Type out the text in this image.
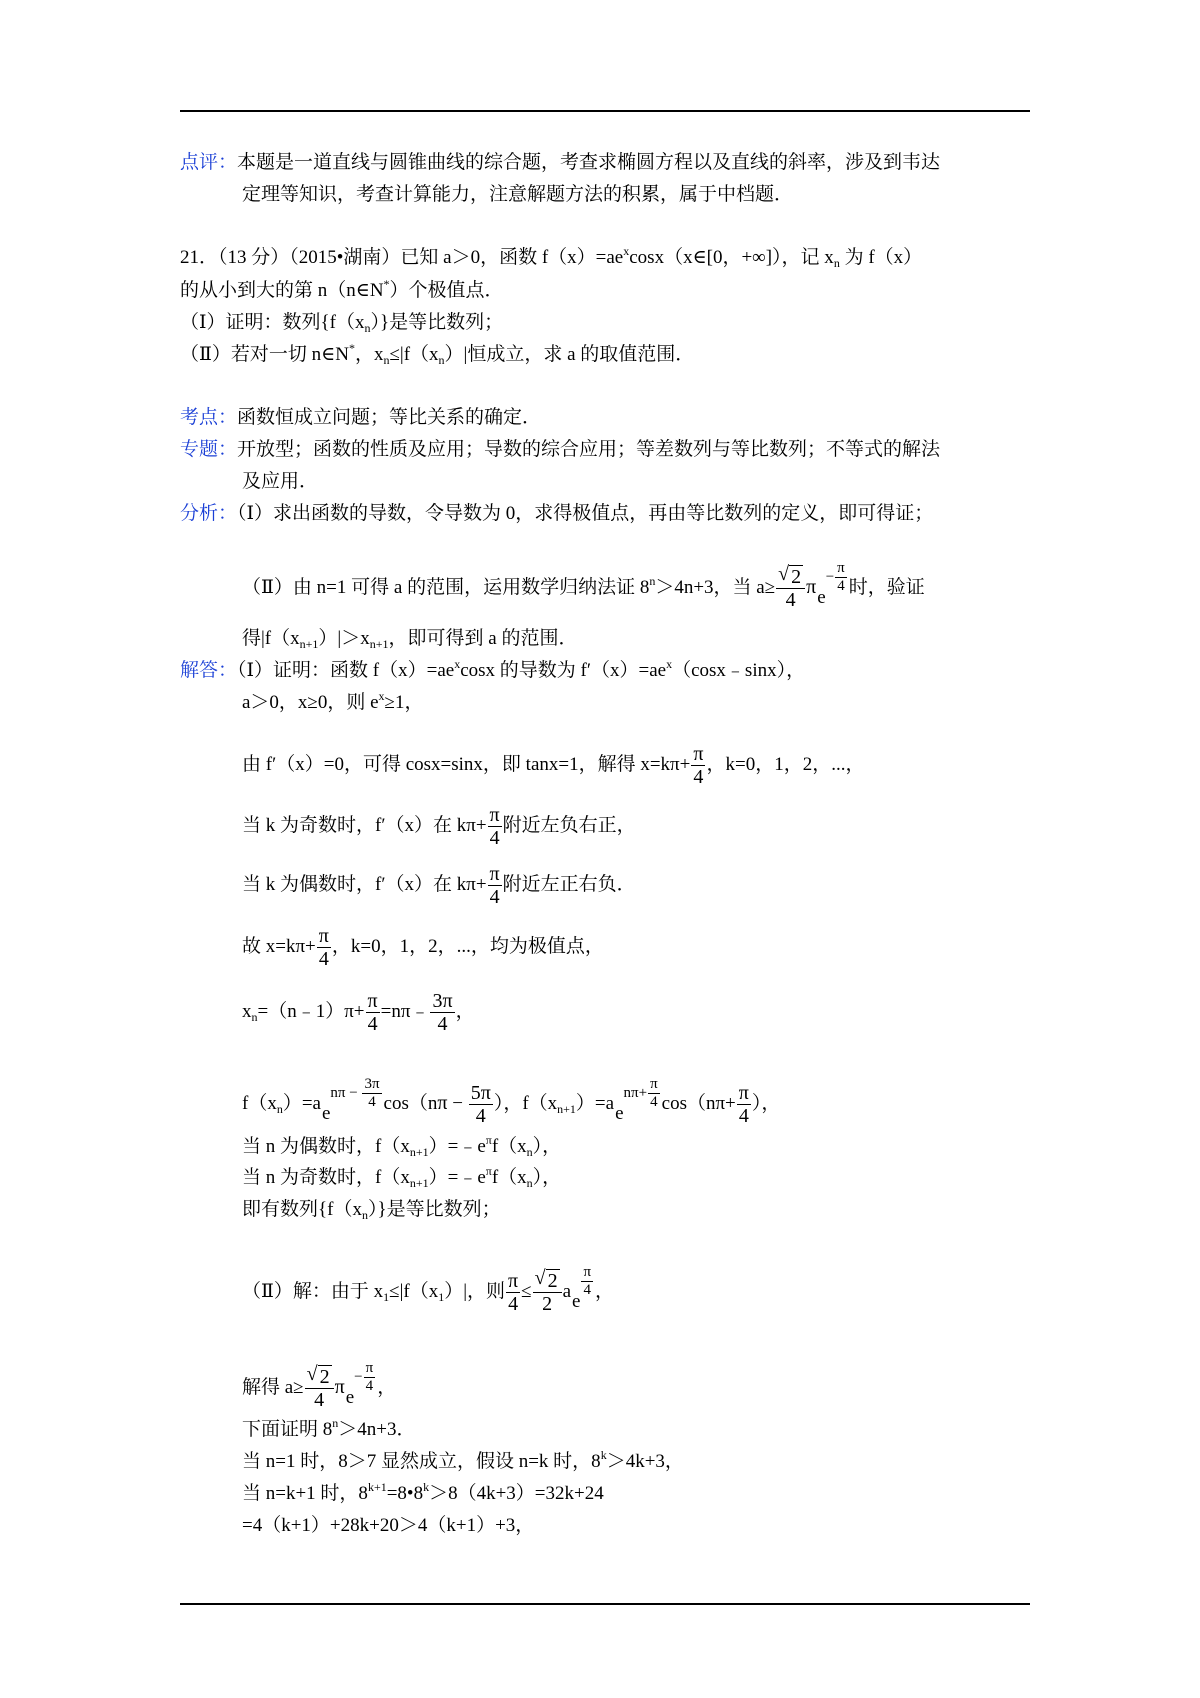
点评：本题是一道直线与圆锥曲线的综合题，考查求椭圆方程以及直线的斜率，涉及到韦达
定理等知识，考查计算能力，注意解题方法的积累，属于中档题．
21．（13 分）（2015•湖南）已知 a＞0，函数 $f(x)=ae^x\cos x(x\in[0$，+∞]），记 $x_n$ 为 f（x）
的从小到大的第 n（n∈N*）个极值点．
（Ⅰ）证明：数列$\{f(x_n)\}$是等比数列；
（Ⅱ）若对一切 n∈N*，$x_n\le|f(x_n)|$恒成立，求 a 的取值范围．
考点：函数恒成立问题；等比关系的确定．
专题：开放型；函数的性质及应用；导数的综合应用；等差数列与等比数列；不等式的解法
及应用．
分析：（Ⅰ）求出函数的导数，令导数为 0，求得极值点，再由等比数列的定义，即可得证；
（Ⅱ）由 n=1 可得 a 的范围，运用数学归纳法证 $8^n>4n+3$，当 $a\ge \frac{√ 2}{4} \pi e- \frac{\pi}{4}$ 时，验证
得$|f(x_{n+1})|>x_{n+1}$，即可得到 a 的范围．
解答：（Ⅰ）证明：函数 $f(x)=ae^x\cos x$ 的导数为 $f'(x)=ae^x(\cos x﹣\sin x)$，
a＞0，x≥0，则 $e^x\ge 1$，
由 f′（x）=0，可得 cosx=sinx，即 tanx=1，解得 $x=k\pi+ \frac{\pi}{4}$ ，k=0，1，2，...，
当 k 为奇数时，f′（x）在 $k\pi+ \frac{\pi}{4}$ 附近左负右正，
当 k 为偶数时，f′（x）在 $k\pi+ \frac{\pi}{4}$ 附近左正右负．
故 $x=k\pi+ \frac{\pi}{4}$ ，k=0，1，2，...，均为极值点，
$x_n=(n﹣1)\pi+ \frac{\pi}{4}$ =nπ﹣ $\frac{3\pi}{4}$ ，
$f(x_n)=aen\pi - \frac{3\pi}{4} \cos(n\pi - \frac{5\pi}{4}$ ），$f(x_{n+1})=aen\pi+ \frac{\pi}{4} \cos(n\pi+ \frac{\pi}{4}$ ），
当 n 为偶数时，$f(x_{n+1})=﹣e^\pi f(x_n)$，
当 n 为奇数时，$f(x_{n+1})=﹣e^\pi f(x_n)$，
即有数列$\{f(x_n)\}$是等比数列；
（Ⅱ）解：由于 $x_1\le|f(x_1)|$，则 $\frac{\pi}{4} \le \frac{√ 2}{2}$ ae
$\frac{\pi}{4}$ ，
解得 $a\ge \frac{√ 2}{4} \pi e- \frac{\pi}{4}$ ，
下面证明 $8^n>4n+3$．
当 n=1 时，8＞7 显然成立，假设 n=k 时，$8^k>4k+3$，
当 n=k+1 时，$8^{k+1}=8•8^k>8(4k+3)=32k+24$
=4（k+1）+28k+20＞4（k+1）+3，
